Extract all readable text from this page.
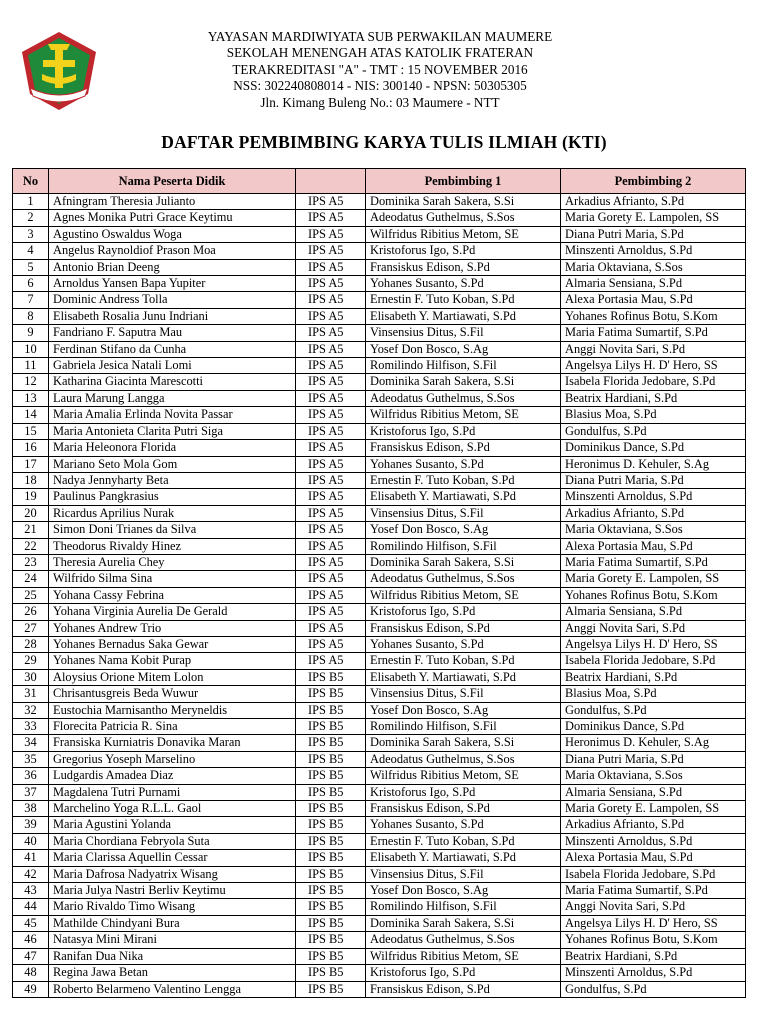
YAYASAN MARDIWIYATA SUB PERWAKILAN MAUMERE
SEKOLAH MENENGAH ATAS KATOLIK FRATERAN
TERAKREDITASI "A" - TMT : 15 NOVEMBER 2016
NSS: 302240808014 - NIS: 300140 - NPSN: 50305305
Jln. Kimang Buleng No.: 03 Maumere - NTT
DAFTAR PEMBIMBING KARYA TULIS ILMIAH (KTI)
No	Nama Peserta Didik		Pembimbing 1	Pembimbing 2
1	Afningram Theresia Julianto	IPS A5	Dominika Sarah Sakera, S.Si	Arkadius Afrianto, S.Pd
2	Agnes Monika Putri Grace Keytimu	IPS A5	Adeodatus Guthelmus, S.Sos	Maria Gorety E. Lampolen, SS
3	Agustino Oswaldus Woga	IPS A5	Wilfridus Ribitius Metom, SE	Diana Putri Maria, S.Pd
4	Angelus Raynoldiof Prason Moa	IPS A5	Kristoforus Igo, S.Pd	Minszenti Arnoldus, S.Pd
5	Antonio Brian Deeng	IPS A5	Fransiskus Edison, S.Pd	Maria Oktaviana, S.Sos
6	Arnoldus Yansen Bapa Yupiter	IPS A5	Yohanes Susanto, S.Pd	Almaria Sensiana, S.Pd
7	Dominic Andress Tolla	IPS A5	Ernestin F. Tuto Koban, S.Pd	Alexa Portasia Mau, S.Pd
8	Elisabeth Rosalia Junu Indriani	IPS A5	Elisabeth Y. Martiawati, S.Pd	Yohanes Rofinus Botu, S.Kom
9	Fandriano F. Saputra Mau	IPS A5	Vinsensius Ditus, S.Fil	Maria Fatima Sumartif, S.Pd
10	Ferdinan Stifano da Cunha	IPS A5	Yosef Don Bosco, S.Ag	Anggi Novita Sari, S.Pd
11	Gabriela Jesica Natali Lomi	IPS A5	Romilindo Hilfison, S.Fil	Angelsya Lilys H. D' Hero, SS
12	Katharina Giacinta Marescotti	IPS A5	Dominika Sarah Sakera, S.Si	Isabela Florida Jedobare, S.Pd
13	Laura Marung Langga	IPS A5	Adeodatus Guthelmus, S.Sos	Beatrix Hardiani, S.Pd
14	Maria Amalia Erlinda Novita Passar	IPS A5	Wilfridus Ribitius Metom, SE	Blasius Moa, S.Pd
15	Maria Antonieta Clarita Putri Siga	IPS A5	Kristoforus Igo, S.Pd	Gondulfus, S.Pd
16	Maria Heleonora Florida	IPS A5	Fransiskus Edison, S.Pd	Dominikus Dance, S.Pd
17	Mariano Seto Mola Gom	IPS A5	Yohanes Susanto, S.Pd	Heronimus D. Kehuler, S.Ag
18	Nadya Jennyharty Beta	IPS A5	Ernestin F. Tuto Koban, S.Pd	Diana Putri Maria, S.Pd
19	Paulinus Pangkrasius	IPS A5	Elisabeth Y. Martiawati, S.Pd	Minszenti Arnoldus, S.Pd
20	Ricardus Aprilius Nurak	IPS A5	Vinsensius Ditus, S.Fil	Arkadius Afrianto, S.Pd
21	Simon Doni Trianes da Silva	IPS A5	Yosef Don Bosco, S.Ag	Maria Oktaviana, S.Sos
22	Theodorus Rivaldy Hinez	IPS A5	Romilindo Hilfison, S.Fil	Alexa Portasia Mau, S.Pd
23	Theresia Aurelia Chey	IPS A5	Dominika Sarah Sakera, S.Si	Maria Fatima Sumartif, S.Pd
24	Wilfrido Silma Sina	IPS A5	Adeodatus Guthelmus, S.Sos	Maria Gorety E. Lampolen, SS
25	Yohana Cassy Febrina	IPS A5	Wilfridus Ribitius Metom, SE	Yohanes Rofinus Botu, S.Kom
26	Yohana Virginia Aurelia De Gerald	IPS A5	Kristoforus Igo, S.Pd	Almaria Sensiana, S.Pd
27	Yohanes Andrew Trio	IPS A5	Fransiskus Edison, S.Pd	Anggi Novita Sari, S.Pd
28	Yohanes Bernadus Saka Gewar	IPS A5	Yohanes Susanto, S.Pd	Angelsya Lilys H. D' Hero, SS
29	Yohanes Nama Kobit Purap	IPS A5	Ernestin F. Tuto Koban, S.Pd	Isabela Florida Jedobare, S.Pd
30	Aloysius Orione Mitem Lolon	IPS B5	Elisabeth Y. Martiawati, S.Pd	Beatrix Hardiani, S.Pd
31	Chrisantusgreis Beda Wuwur	IPS B5	Vinsensius Ditus, S.Fil	Blasius Moa, S.Pd
32	Eustochia Marnisantho Meryneldis	IPS B5	Yosef Don Bosco, S.Ag	Gondulfus, S.Pd
33	Florecita Patricia R. Sina	IPS B5	Romilindo Hilfison, S.Fil	Dominikus Dance, S.Pd
34	Fransiska Kurniatris Donavika Maran	IPS B5	Dominika Sarah Sakera, S.Si	Heronimus D. Kehuler, S.Ag
35	Gregorius Yoseph Marselino	IPS B5	Adeodatus Guthelmus, S.Sos	Diana Putri Maria, S.Pd
36	Ludgardis Amadea Diaz	IPS B5	Wilfridus Ribitius Metom, SE	Maria Oktaviana, S.Sos
37	Magdalena Tutri Purnami	IPS B5	Kristoforus Igo, S.Pd	Almaria Sensiana, S.Pd
38	Marchelino Yoga R.L.L. Gaol	IPS B5	Fransiskus Edison, S.Pd	Maria Gorety E. Lampolen, SS
39	Maria Agustini Yolanda	IPS B5	Yohanes Susanto, S.Pd	Arkadius Afrianto, S.Pd
40	Maria Chordiana Febryola Suta	IPS B5	Ernestin F. Tuto Koban, S.Pd	Minszenti Arnoldus, S.Pd
41	Maria Clarissa Aquellin Cessar	IPS B5	Elisabeth Y. Martiawati, S.Pd	Alexa Portasia Mau, S.Pd
42	Maria Dafrosa Nadyatrix Wisang	IPS B5	Vinsensius Ditus, S.Fil	Isabela Florida Jedobare, S.Pd
43	Maria Julya Nastri Berliv Keytimu	IPS B5	Yosef Don Bosco, S.Ag	Maria Fatima Sumartif, S.Pd
44	Mario Rivaldo Timo Wisang	IPS B5	Romilindo Hilfison, S.Fil	Anggi Novita Sari, S.Pd
45	Mathilde Chindyani Bura	IPS B5	Dominika Sarah Sakera, S.Si	Angelsya Lilys H. D' Hero, SS
46	Natasya Mini Mirani	IPS B5	Adeodatus Guthelmus, S.Sos	Yohanes Rofinus Botu, S.Kom
47	Ranifan Dua Nika	IPS B5	Wilfridus Ribitius Metom, SE	Beatrix Hardiani, S.Pd
48	Regina Jawa Betan	IPS B5	Kristoforus Igo, S.Pd	Minszenti Arnoldus, S.Pd
49	Roberto Belarmeno Valentino Lengga	IPS B5	Fransiskus Edison, S.Pd	Gondulfus, S.Pd
